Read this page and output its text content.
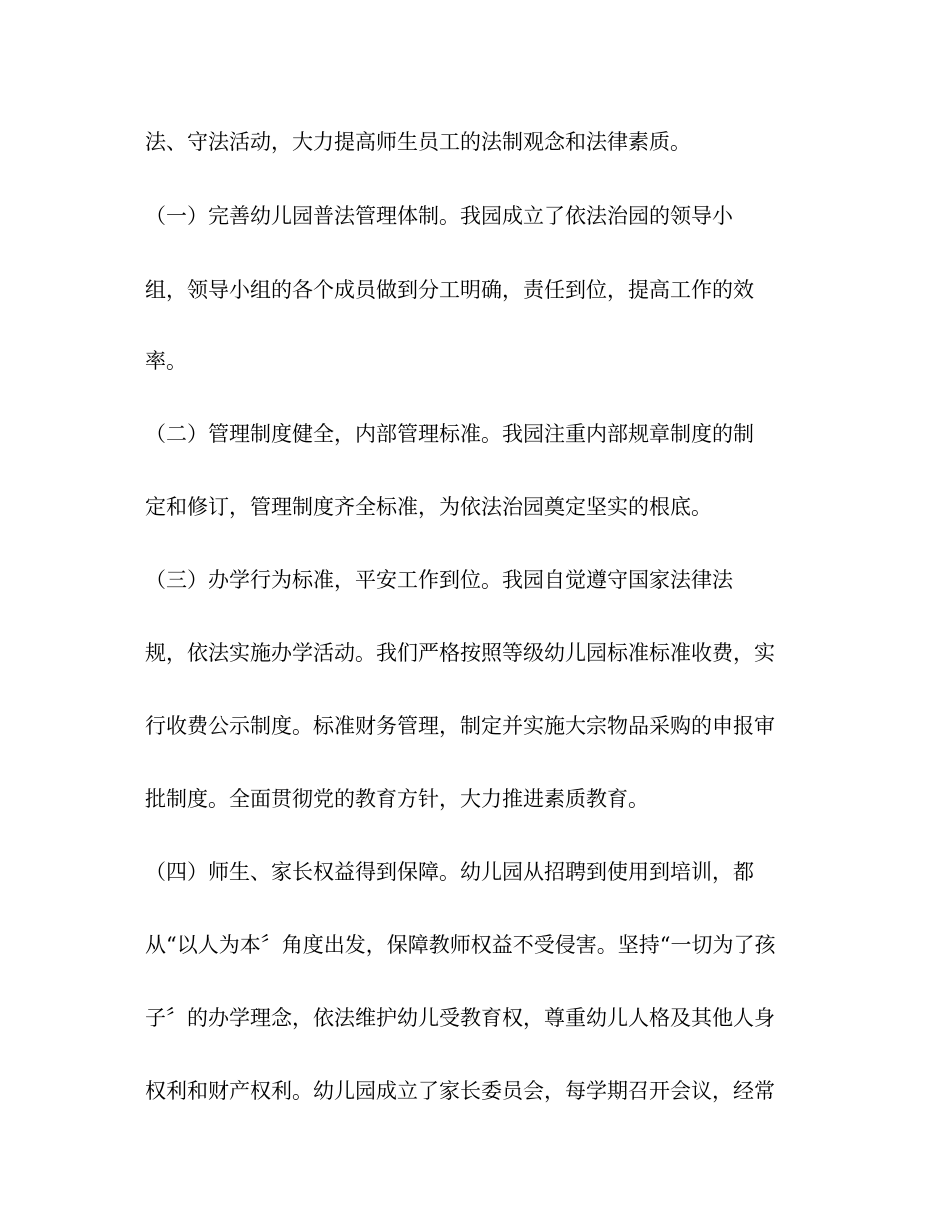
法、守法活动，大力提高师生员工的法制观念和法律素质。
（一）完善幼儿园普法管理体制。我园成立了依法治园的领导小
组，领导小组的各个成员做到分工明确，责任到位，提高工作的效
率。
（二）管理制度健全，内部管理标准。我园注重内部规章制度的制
定和修订，管理制度齐全标准，为依法治园奠定坚实的根底。
（三）办学行为标准，平安工作到位。我园自觉遵守国家法律法
规，依法实施办学活动。我们严格按照等级幼儿园标准标准收费，实
行收费公示制度。标准财务管理，制定并实施大宗物品采购的申报审
批制度。全面贯彻党的教育方针，大力推进素质教育。
（四）师生、家长权益得到保障。幼儿园从招聘到使用到培训，都
从“以人为本〞角度出发，保障教师权益不受侵害。坚持“一切为了孩
子〞的办学理念，依法维护幼儿受教育权，尊重幼儿人格及其他人身
权利和财产权利。幼儿园成立了家长委员会，每学期召开会议，经常
